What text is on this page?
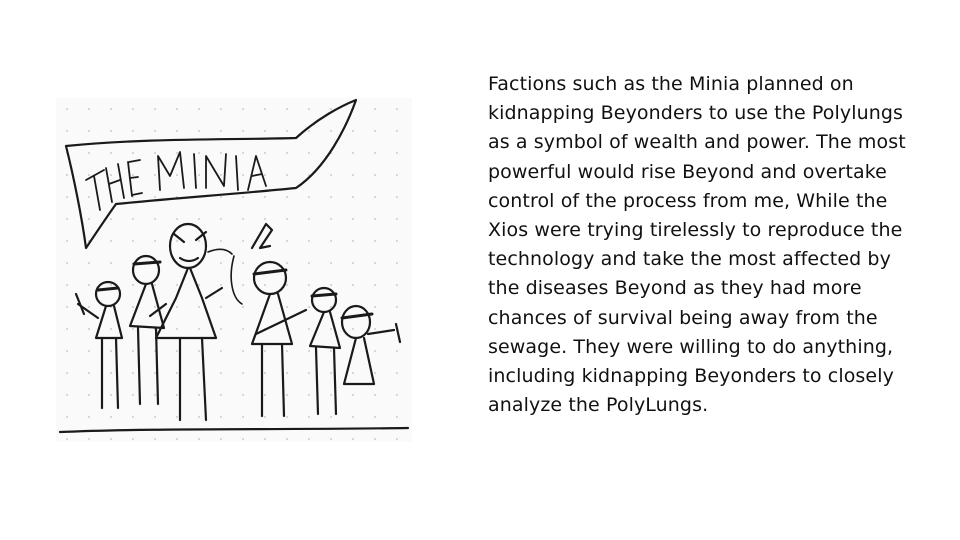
Factions such as the Minia planned on kidnapping Beyonders to use the Polylungs as a symbol of wealth and power. The most powerful would rise Beyond and overtake control of the process from me, While the Xios were trying tirelessly to reproduce the technology and take the most affected by the diseases Beyond as they had more chances of survival being away from the sewage. They were willing to do anything, including kidnapping Beyonders to closely analyze the PolyLungs.
